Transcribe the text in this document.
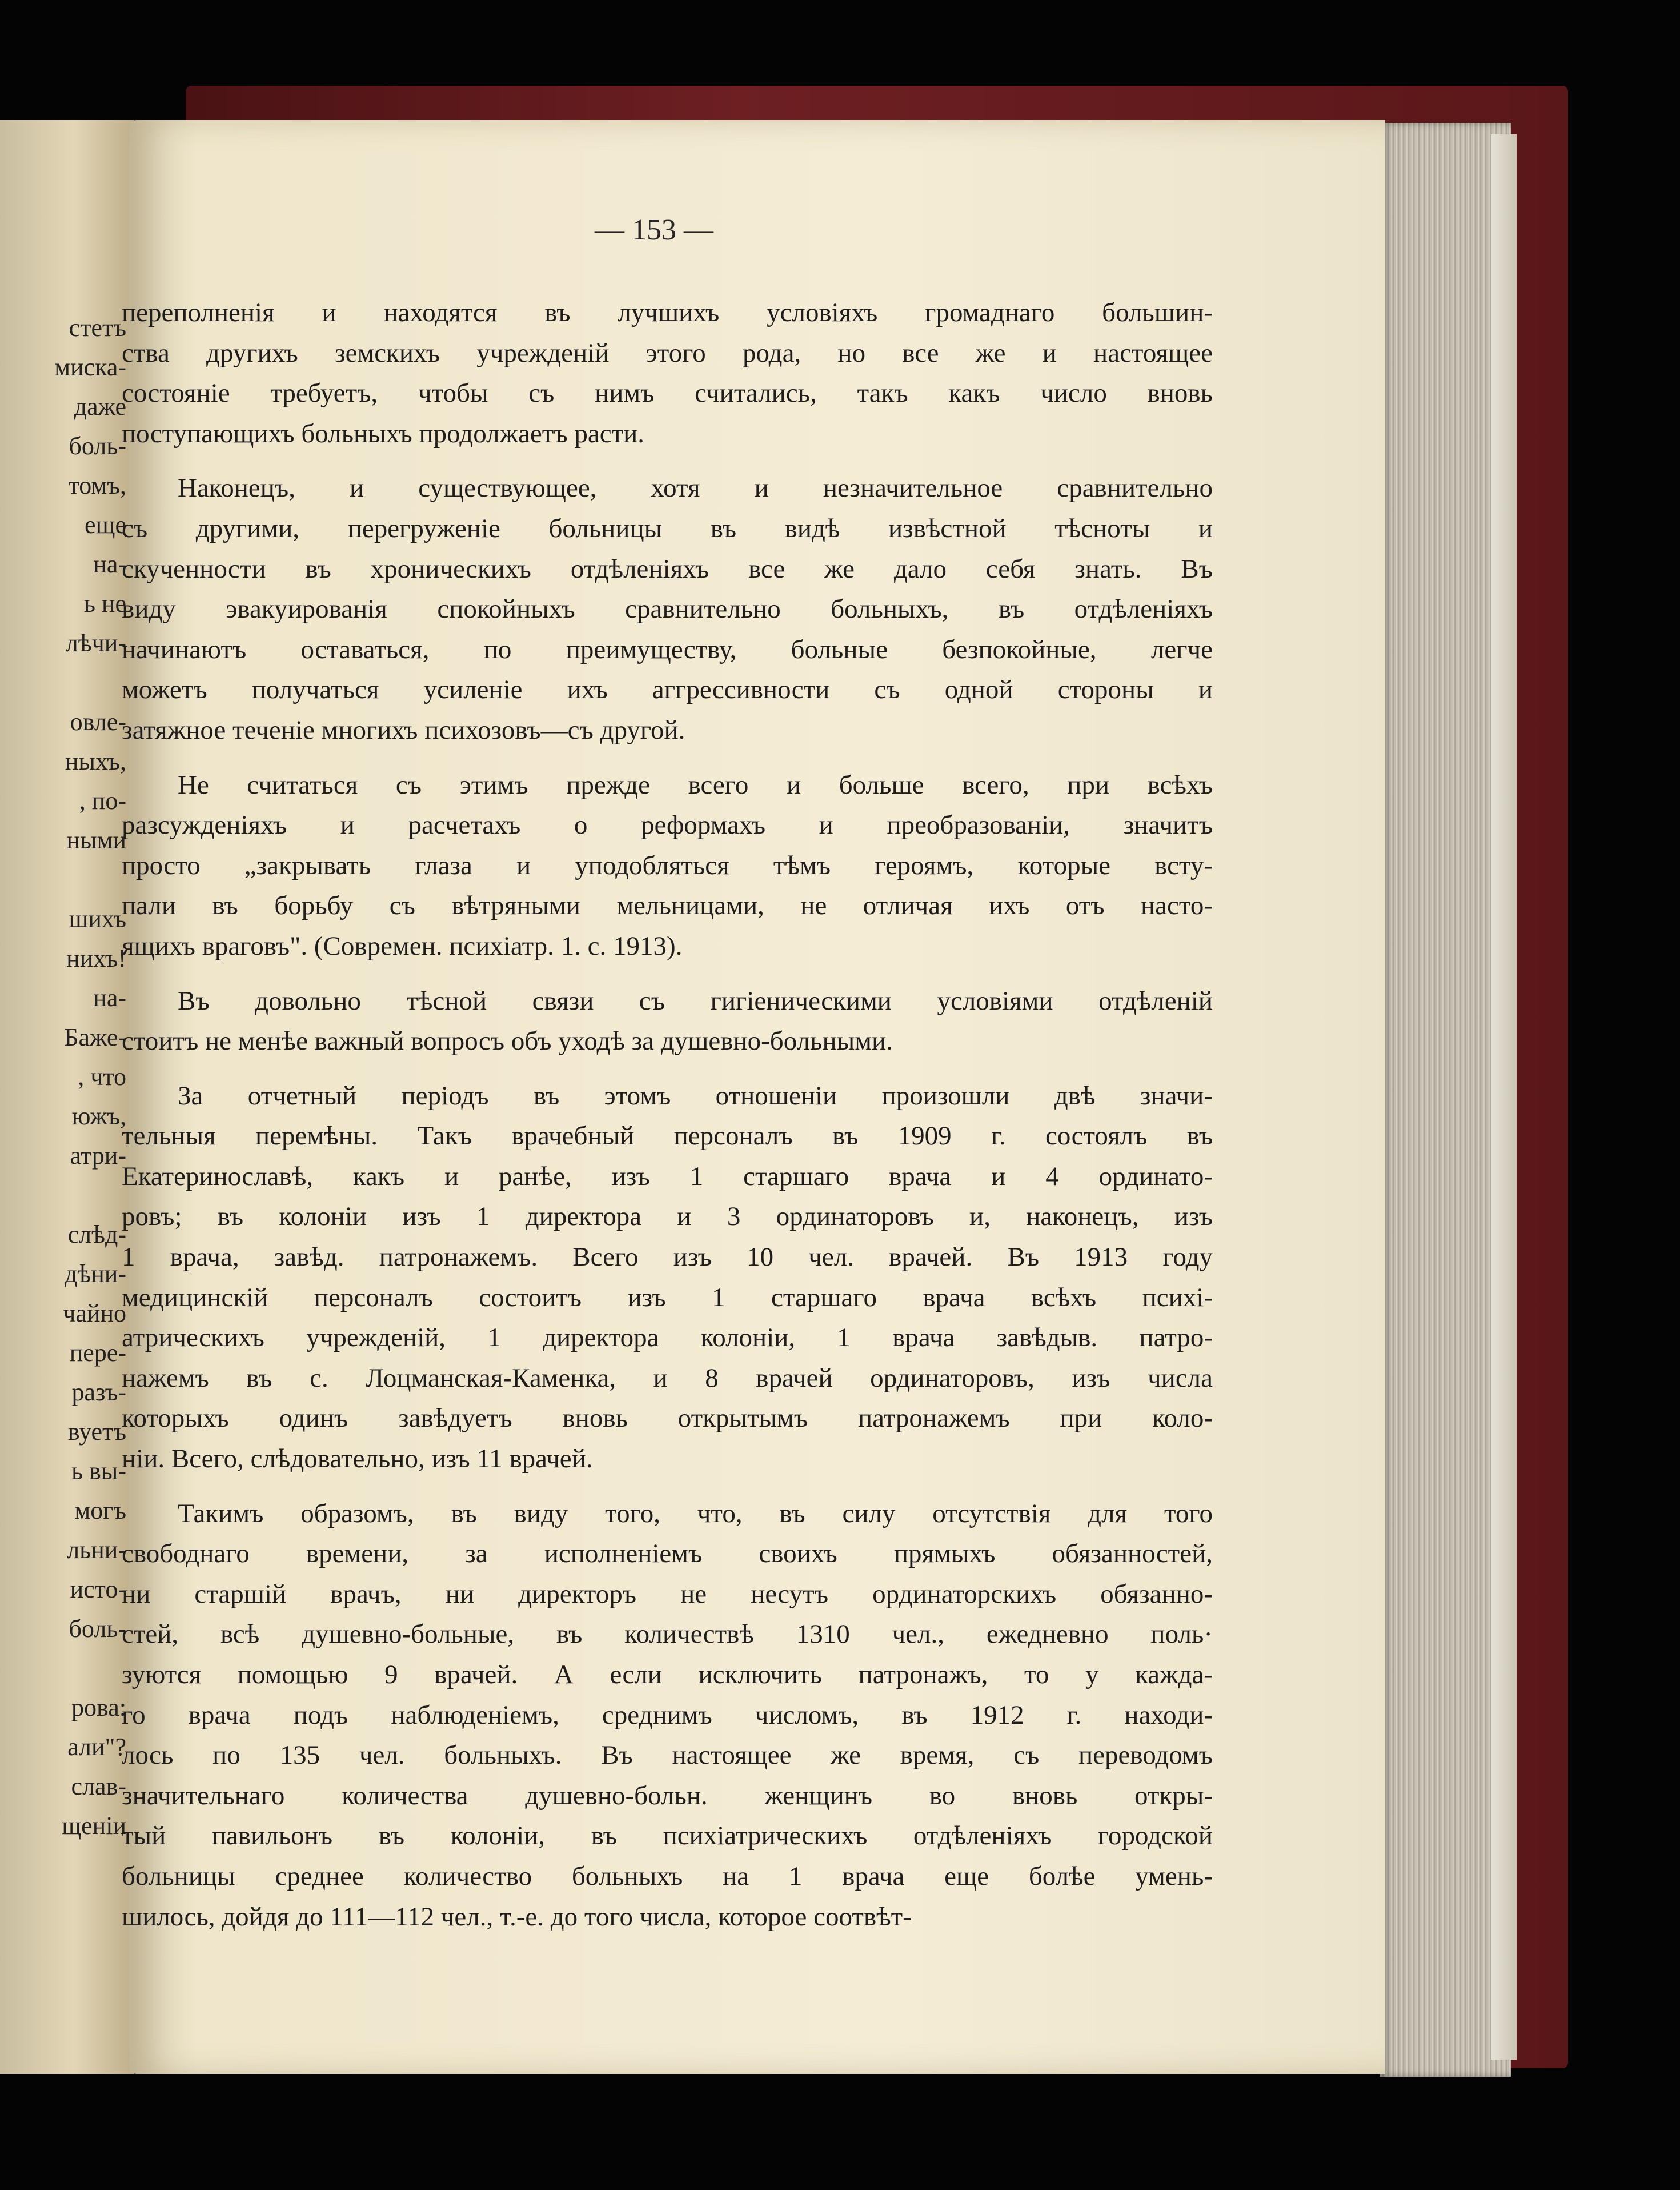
стетъ
миска-
даже
боль-
томъ,
еще
на-
ь не
лѣчи-
овле-
ныхъ,
, по-
ными
шихъ
нихъ!
на-
Баже-
, что
южъ,
атри-
слѣд-
дѣни-
чайно
пере-
разъ-
вуетъ
ь вы-
могъ
льни-
исто-
боль-
рова:
али"?
слав-
щеніи
— 153 —
переполненія и находятся въ лучшихъ условіяхъ громаднаго большин-
ства другихъ земскихъ учрежденій этого рода, но все же и настоящее
состояніе требуетъ, чтобы съ нимъ считались, такъ какъ число вновь
поступающихъ больныхъ продолжаетъ расти.
Наконецъ, и существующее, хотя и незначительное сравнительно
съ другими, перегруженіе больницы въ видѣ извѣстной тѣсноты и
скученности въ хроническихъ отдѣленіяхъ все же дало себя знать. Въ
виду эвакуированія спокойныхъ сравнительно больныхъ, въ отдѣленіяхъ
начинаютъ оставаться, по преимуществу, больные безпокойные, легче
можетъ получаться усиленіе ихъ аггрессивности съ одной стороны и
затяжное теченіе многихъ психозовъ—съ другой.
Не считаться съ этимъ прежде всего и больше всего, при всѣхъ
разсужденіяхъ и расчетахъ о реформахъ и преобразованіи, значитъ
просто „закрывать глаза и уподобляться тѣмъ героямъ, которые всту-
пали въ борьбу съ вѣтряными мельницами, не отличая ихъ отъ насто-
ящихъ враговъ". (Современ. психіатр. 1. с. 1913).
Въ довольно тѣсной связи съ гигіеническими условіями отдѣленій
стоитъ не менѣе важный вопросъ объ уходѣ за душевно-больными.
За отчетный періодъ въ этомъ отношеніи произошли двѣ значи-
тельныя перемѣны. Такъ врачебный персоналъ въ 1909 г. состоялъ въ
Екатеринославѣ, какъ и ранѣе, изъ 1 старшаго врача и 4 ординато-
ровъ; въ колоніи изъ 1 директора и 3 ординаторовъ и, наконецъ, изъ
1 врача, завѣд. патронажемъ. Всего изъ 10 чел. врачей. Въ 1913 году
медицинскій персоналъ состоитъ изъ 1 старшаго врача всѣхъ психі-
атрическихъ учрежденій, 1 директора колоніи, 1 врача завѣдыв. патро-
нажемъ въ с. Лоцманская-Каменка, и 8 врачей ординаторовъ, изъ числа
которыхъ одинъ завѣдуетъ вновь открытымъ патронажемъ при коло-
ніи. Всего, слѣдовательно, изъ 11 врачей.
Такимъ образомъ, въ виду того, что, въ силу отсутствія для того
свободнаго времени, за исполненіемъ своихъ прямыхъ обязанностей,
ни старшій врачъ, ни директоръ не несутъ ординаторскихъ обязанно-
стей, всѣ душевно-больные, въ количествѣ 1310 чел., ежедневно поль·
зуются помощью 9 врачей. А если исключить патронажъ, то у кажда-
го врача подъ наблюденіемъ, среднимъ числомъ, въ 1912 г. находи-
лось по 135 чел. больныхъ. Въ настоящее же время, съ переводомъ
значительнаго количества душевно-больн. женщинъ во вновь откры-
тый павильонъ въ колоніи, въ психіатрическихъ отдѣленіяхъ городской
больницы среднее количество больныхъ на 1 врача еще болѣе умень-
шилось, дойдя до 111—112 чел., т.-е. до того числа, которое соотвѣт-
